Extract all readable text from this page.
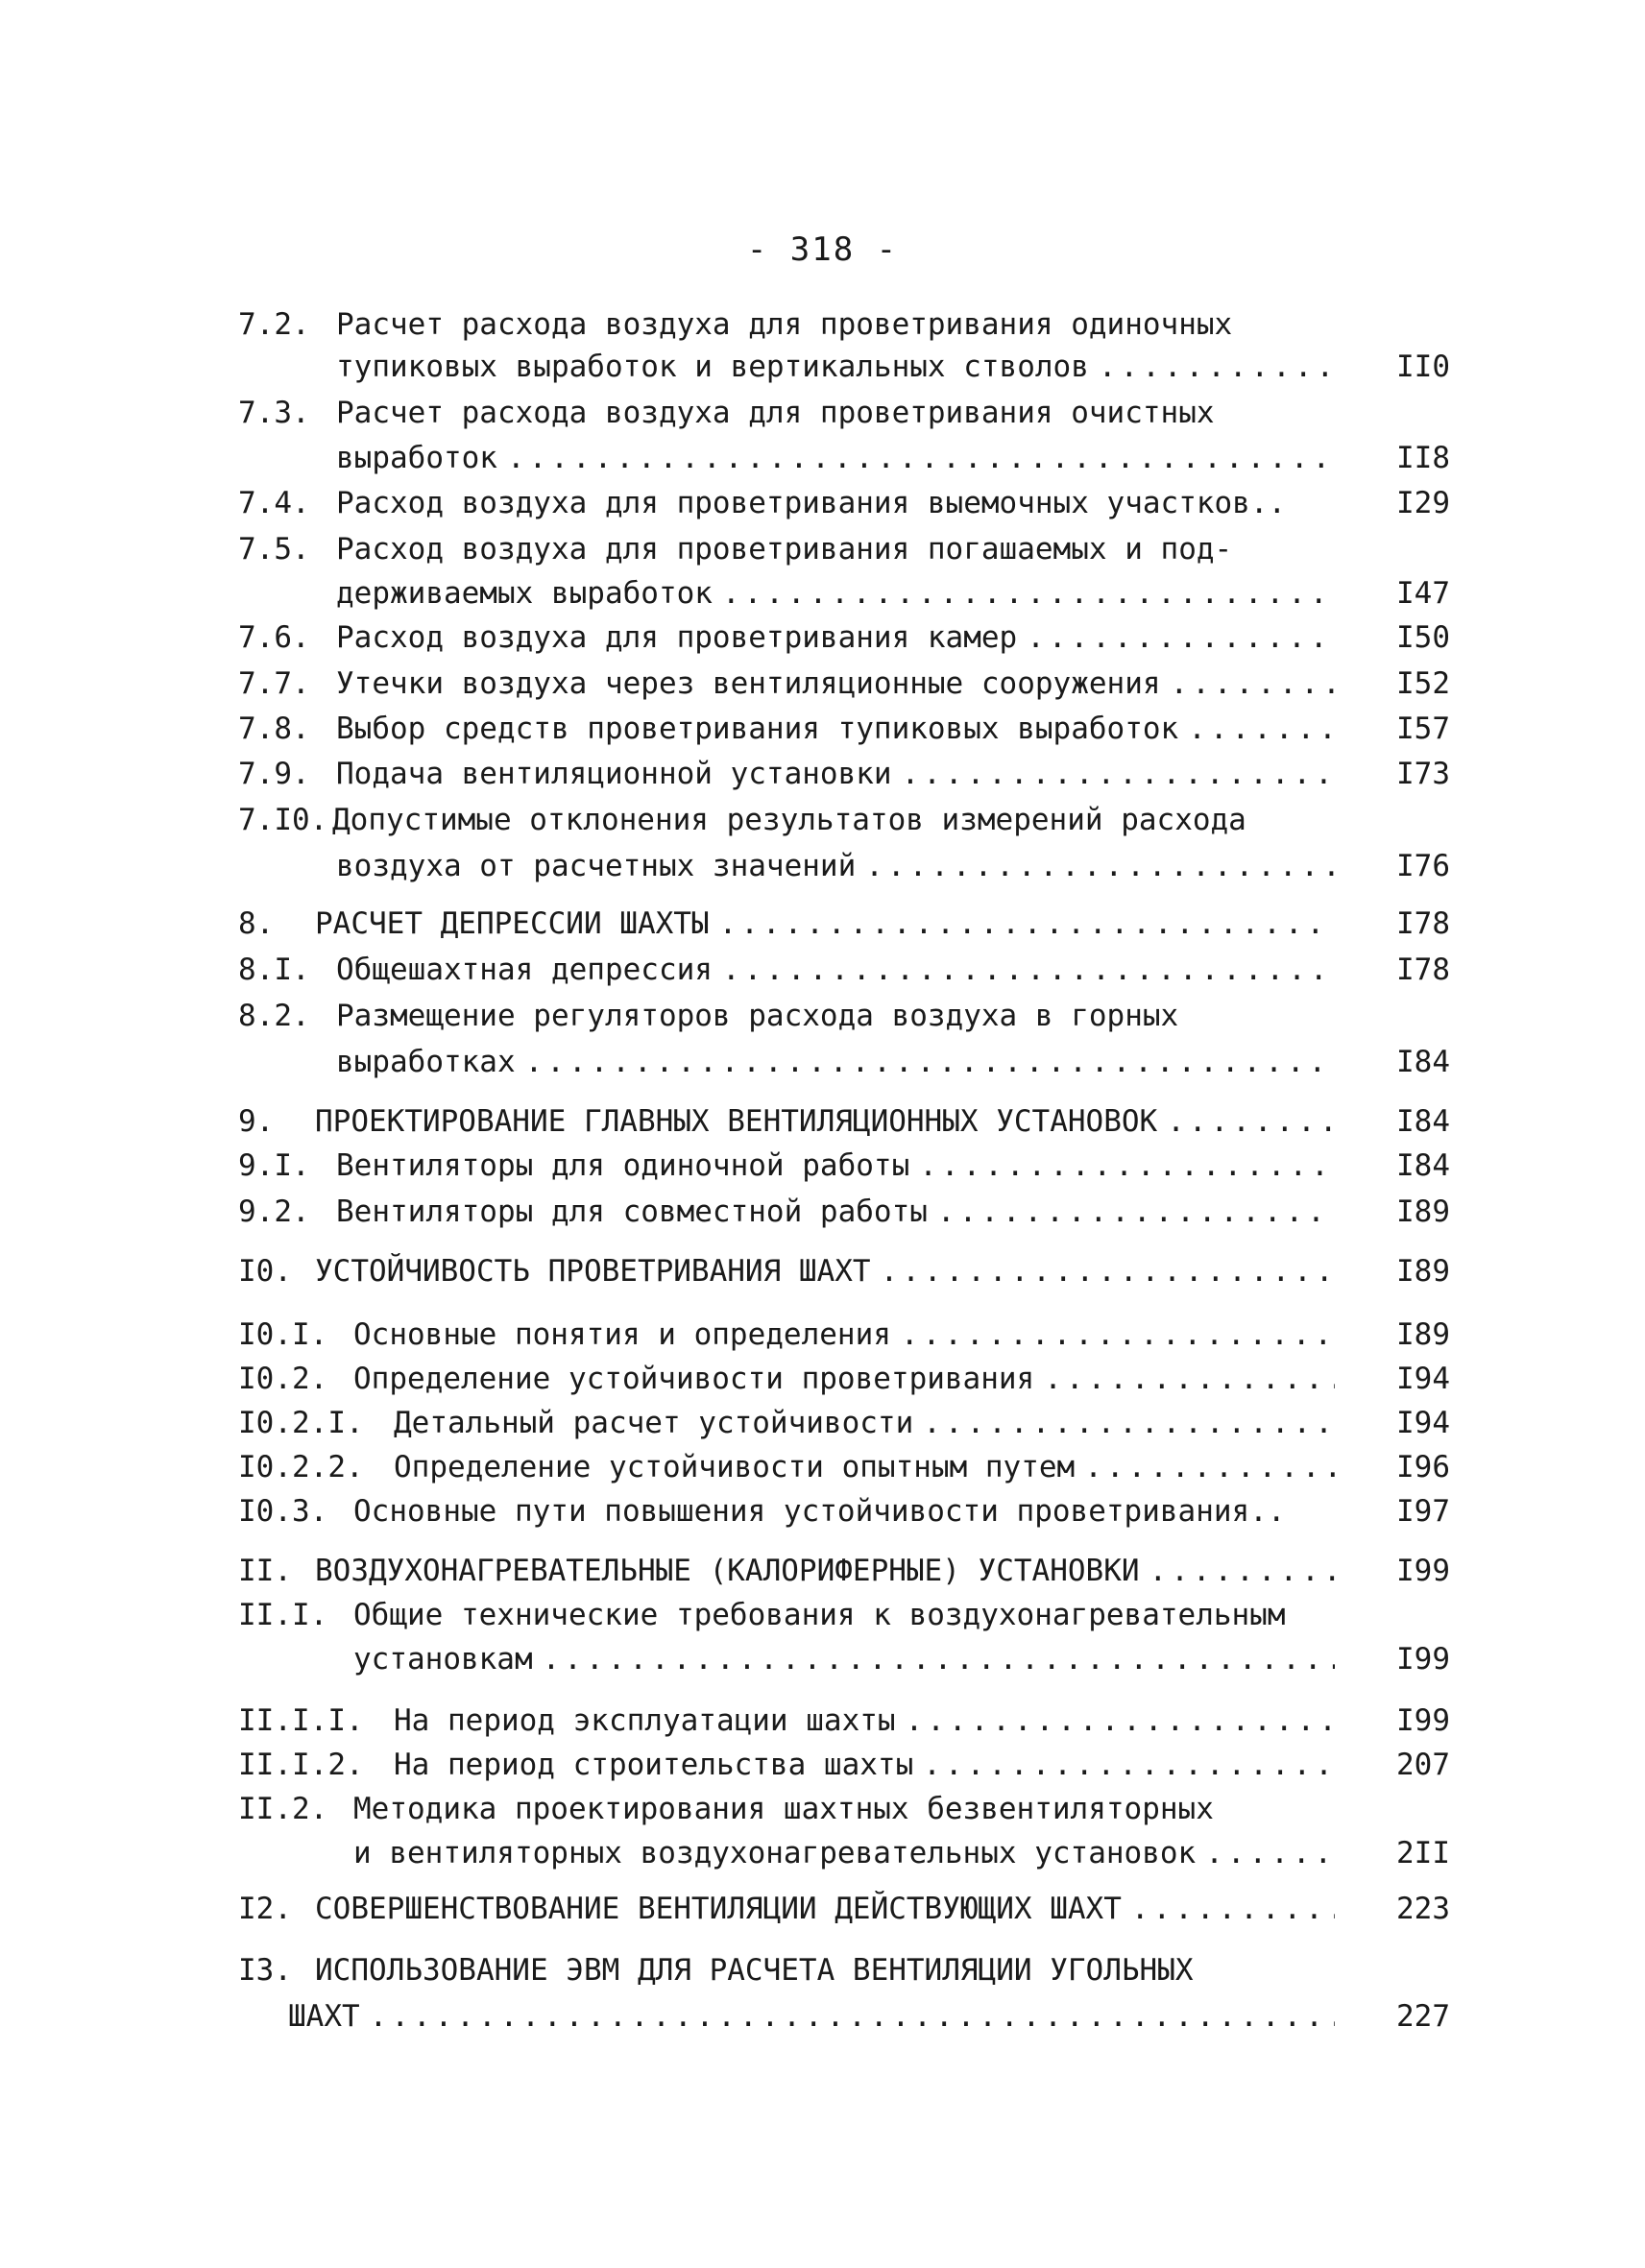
- 318 -
7.2. Расчет расхода воздуха для проветривания одиночных
тупиковых выработок и вертикальных стволов .....	II0
7.3. Расчет расхода воздуха для проветривания очистных
выработок .....	II8
7.4. Расход воздуха для проветривания выемочных участков..	I29
7.5. Расход воздуха для проветривания погашаемых и под-
держиваемых выработок .....	I47
7.6. Расход воздуха для проветривания камер .....	I50
7.7. Утечки воздуха через вентиляционные сооружения .....	I52
7.8. Выбор средств проветривания тупиковых выработок .....	I57
7.9. Подача вентиляционной установки .....	I73
7.I0. Допустимые отклонения результатов измерений расхода
воздуха от расчетных значений .....	I76
8. РАСЧЕТ ДЕПРЕССИИ ШАХТЫ .....	I78
8.I. Общешахтная депрессия .....	I78
8.2. Размещение регуляторов расхода воздуха в горных
выработках .....	I84
9. ПРОЕКТИРОВАНИЕ ГЛАВНЫХ ВЕНТИЛЯЦИОННЫХ УСТАНОВОК .....	I84
9.I. Вентиляторы для одиночной работы .....	I84
9.2. Вентиляторы для совместной работы .....	I89
I0. УСТОЙЧИВОСТЬ ПРОВЕТРИВАНИЯ ШАХТ .....	I89
I0.I. Основные понятия и определения .....	I89
I0.2. Определение устойчивости проветривания .....	I94
I0.2.I. Детальный расчет устойчивости .....	I94
I0.2.2. Определение устойчивости опытным путем .....	I96
I0.3. Основные пути повышения устойчивости проветривания..	I97
II. ВОЗДУХОНАГРЕВАТЕЛЬНЫЕ (КАЛОРИФЕРНЫЕ) УСТАНОВКИ .....	I99
II.I. Общие технические требования к воздухонагревательным
установкам .....	I99
II.I.I. На период эксплуатации шахты .....	I99
II.I.2. На период строительства шахты .....	207
II.2. Методика проектирования шахтных безвентиляторных
и вентиляторных воздухонагревательных установок .....	2II
I2. СОВЕРШЕНСТВОВАНИЕ ВЕНТИЛЯЦИИ ДЕЙСТВУЮЩИХ ШАХТ .....	223
I3. ИСПОЛЬЗОВАНИЕ ЭВМ ДЛЯ РАСЧЕТА ВЕНТИЛЯЦИИ УГОЛЬНЫХ
ШАХТ .....	227
